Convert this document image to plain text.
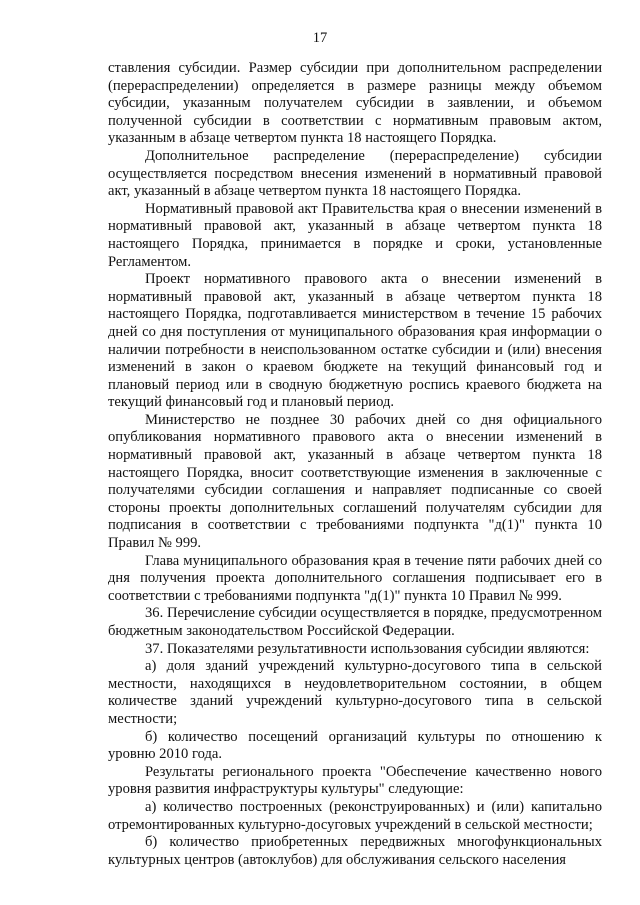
17

ставления субсидии. Размер субсидии при дополнительном распределении (перераспределении) определяется в размере разницы между объемом субсидии, указанным получателем субсидии в заявлении, и объемом полученной субсидии в соответствии с нормативным правовым актом, указанным в абзаце четвертом пункта 18 настоящего Порядка.

Дополнительное распределение (перераспределение) субсидии осуществляется посредством внесения изменений в нормативный правовой акт, указанный в абзаце четвертом пункта 18 настоящего Порядка.

Нормативный правовой акт Правительства края о внесении изменений в нормативный правовой акт, указанный в абзаце четвертом пункта 18 настоящего Порядка, принимается в порядке и сроки, установленные Регламентом.

Проект нормативного правового акта о внесении изменений в нормативный правовой акт, указанный в абзаце четвертом пункта 18 настоящего Порядка, подготавливается министерством в течение 15 рабочих дней со дня поступления от муниципального образования края информации о наличии потребности в неиспользованном остатке субсидии и (или) внесения изменений в закон о краевом бюджете на текущий финансовый год и плановый период или в сводную бюджетную роспись краевого бюджета на текущий финансовый год и плановый период.

Министерство не позднее 30 рабочих дней со дня официального опубликования нормативного правового акта о внесении изменений в нормативный правовой акт, указанный в абзаце четвертом пункта 18 настоящего Порядка, вносит соответствующие изменения в заключенные с получателями субсидии соглашения и направляет подписанные со своей стороны проекты дополнительных соглашений получателям субсидии для подписания в соответствии с требованиями подпункта "д(1)" пункта 10 Правил № 999.

Глава муниципального образования края в течение пяти рабочих дней со дня получения проекта дополнительного соглашения подписывает его в соответствии с требованиями подпункта "д(1)" пункта 10 Правил № 999.

36. Перечисление субсидии осуществляется в порядке, предусмотренном бюджетным законодательством Российской Федерации.

37. Показателями результативности использования субсидии являются:

а) доля зданий учреждений культурно-досугового типа в сельской местности, находящихся в неудовлетворительном состоянии, в общем количестве зданий учреждений культурно-досугового типа в сельской местности;

б) количество посещений организаций культуры по отношению к уровню 2010 года.

Результаты регионального проекта "Обеспечение качественно нового уровня развития инфраструктуры культуры" следующие:

а) количество построенных (реконструированных) и (или) капитально отремонтированных культурно-досуговых учреждений в сельской местности;

б) количество приобретенных передвижных многофункциональных культурных центров (автоклубов) для обслуживания сельского населения
